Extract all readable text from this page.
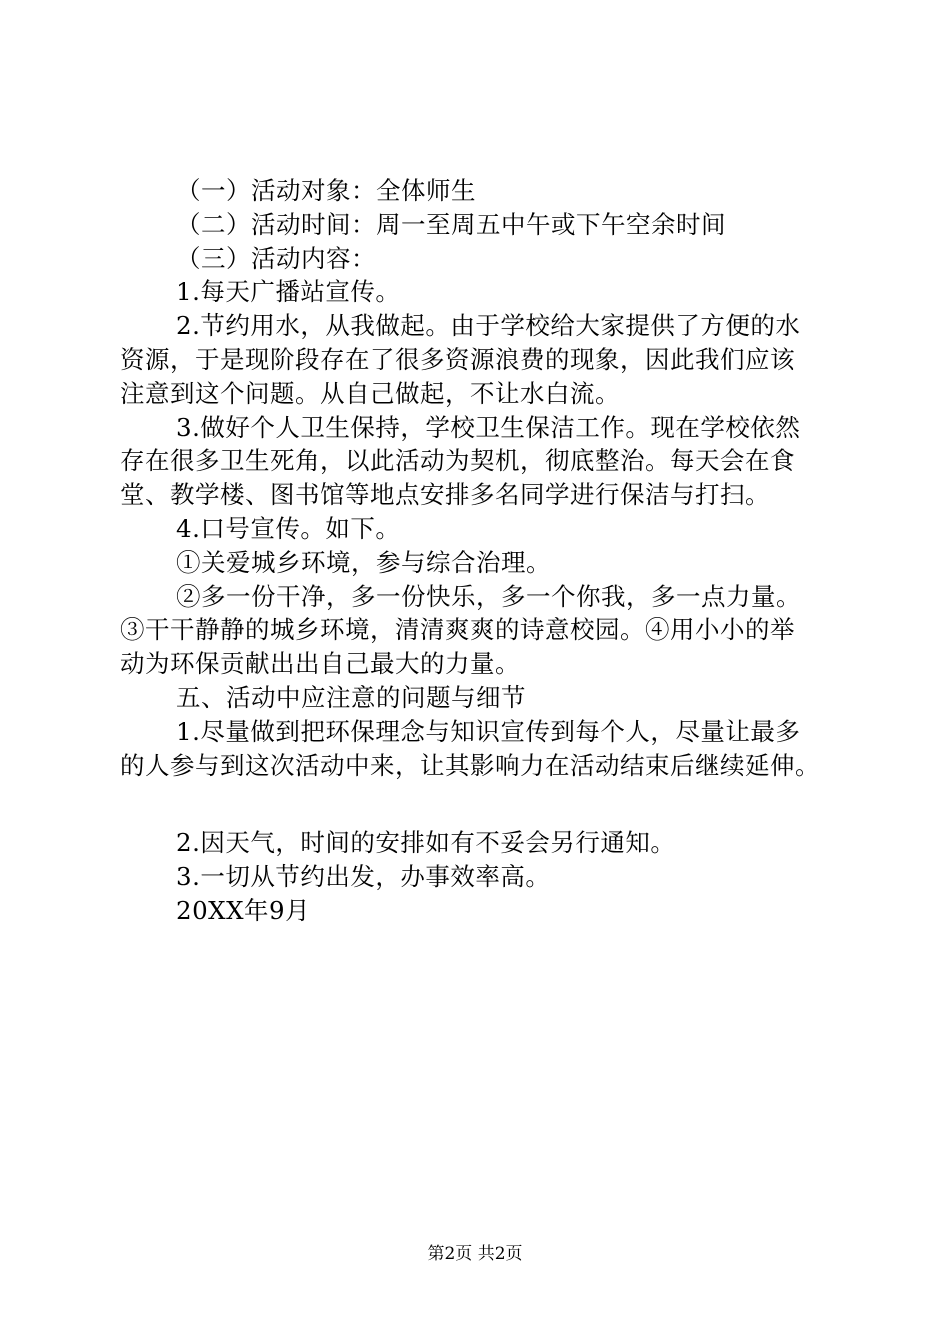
（一）活动对象：全体师生
（二）活动时间：周一至周五中午或下午空余时间
（三）活动内容：
1.每天广播站宣传。
2.节约用水，从我做起。由于学校给大家提供了方便的水
资源，于是现阶段存在了很多资源浪费的现象，因此我们应该
注意到这个问题。从自己做起，不让水白流。
3.做好个人卫生保持，学校卫生保洁工作。现在学校依然
存在很多卫生死角，以此活动为契机，彻底整治。每天会在食
堂、教学楼、图书馆等地点安排多名同学进行保洁与打扫。
4.口号宣传。如下。
①关爱城乡环境，参与综合治理。
②多一份干净，多一份快乐，多一个你我，多一点力量。
③干干静静的城乡环境，清清爽爽的诗意校园。④用小小的举
动为环保贡献出出自己最大的力量。
五、活动中应注意的问题与细节
1.尽量做到把环保理念与知识宣传到每个人，尽量让最多
的人参与到这次活动中来，让其影响力在活动结束后继续延伸。
2.因天气，时间的安排如有不妥会另行通知。
3.一切从节约出发，办事效率高。
20XX年9月
第2页 共2页
